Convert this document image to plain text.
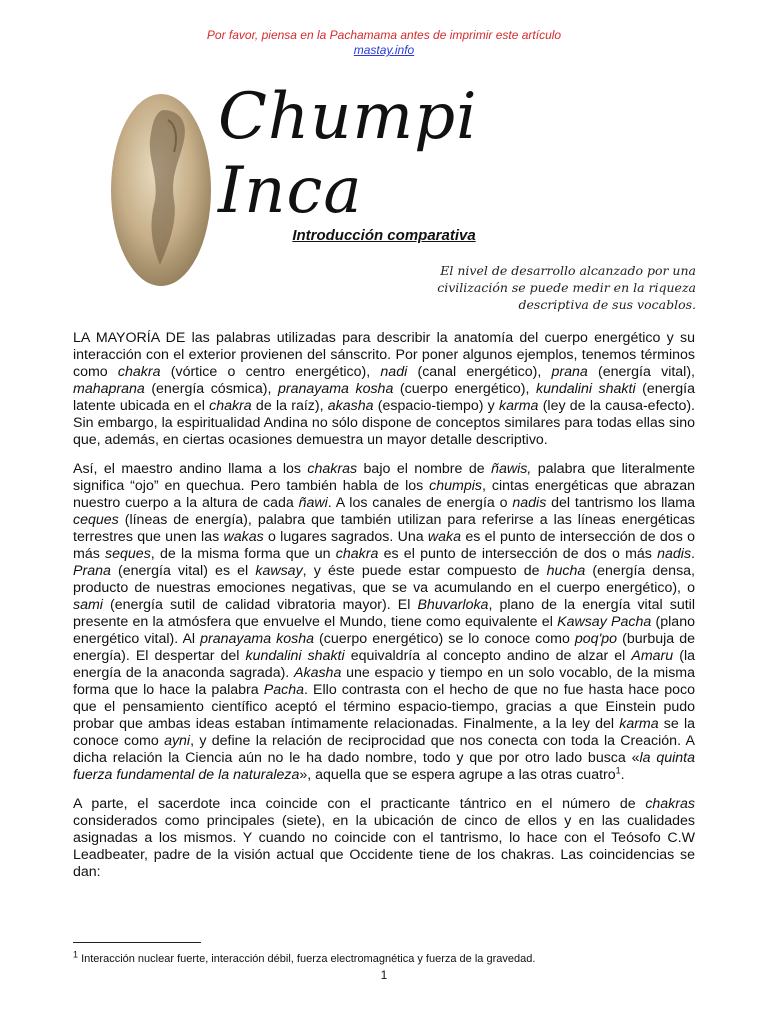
Por favor, piensa en la Pachamama antes de imprimir este artículo
mastay.info
Chumpi Inca
Introducción comparativa
El nivel de desarrollo alcanzado por una
civilización se puede medir en la riqueza
descriptiva de sus vocablos.

LA MAYORÍA DE las palabras utilizadas para describir la anatomía del cuerpo energético y su interacción con el exterior provienen del sánscrito. Por poner algunos ejemplos, tenemos términos como chakra (vórtice o centro energético), nadi (canal energético), prana (energía vital), mahaprana (energía cósmica), pranayama kosha (cuerpo energético), kundalini shakti (energía latente ubicada en el chakra de la raíz), akasha (espacio-tiempo) y karma (ley de la causa-efecto). Sin embargo, la espiritualidad Andina no sólo dispone de conceptos similares para todas ellas sino que, además, en ciertas ocasiones demuestra un mayor detalle descriptivo.

Así, el maestro andino llama a los chakras bajo el nombre de ñawis, palabra que literalmente significa “ojo” en quechua. Pero también habla de los chumpis, cintas energéticas que abrazan nuestro cuerpo a la altura de cada ñawi. A los canales de energía o nadis del tantrismo los llama ceques (líneas de energía), palabra que también utilizan para referirse a las líneas energéticas terrestres que unen las wakas o lugares sagrados. Una waka es el punto de intersección de dos o más seques, de la misma forma que un chakra es el punto de intersección de dos o más nadis. Prana (energía vital) es el kawsay, y éste puede estar compuesto de hucha (energía densa, producto de nuestras emociones negativas, que se va acumulando en el cuerpo energético), o sami (energía sutil de calidad vibratoria mayor). El Bhuvarloka, plano de la energía vital sutil presente en la atmósfera que envuelve el Mundo, tiene como equivalente el Kawsay Pacha (plano energético vital). Al pranayama kosha (cuerpo energético) se lo conoce como poq'po (burbuja de energía). El despertar del kundalini shakti equivaldría al concepto andino de alzar el Amaru (la energía de la anaconda sagrada). Akasha une espacio y tiempo en un solo vocablo, de la misma forma que lo hace la palabra Pacha. Ello contrasta con el hecho de que no fue hasta hace poco que el pensamiento científico aceptó el término espacio-tiempo, gracias a que Einstein pudo probar que ambas ideas estaban íntimamente relacionadas. Finalmente, a la ley del karma se la conoce como ayni, y define la relación de reciprocidad que nos conecta con toda la Creación. A dicha relación la Ciencia aún no le ha dado nombre, todo y que por otro lado busca «la quinta fuerza fundamental de la naturaleza», aquella que se espera agrupe a las otras cuatro$^1$.

A parte, el sacerdote inca coincide con el practicante tántrico en el número de chakras considerados como principales (siete), en la ubicación de cinco de ellos y en las cualidades asignadas a los mismos. Y cuando no coincide con el tantrismo, lo hace con el Teósofo C.W Leadbeater, padre de la visión actual que Occidente tiene de los chakras. Las coincidencias se dan:

$^1$ Interacción nuclear fuerte, interacción débil, fuerza electromagnética y fuerza de la gravedad.
1
